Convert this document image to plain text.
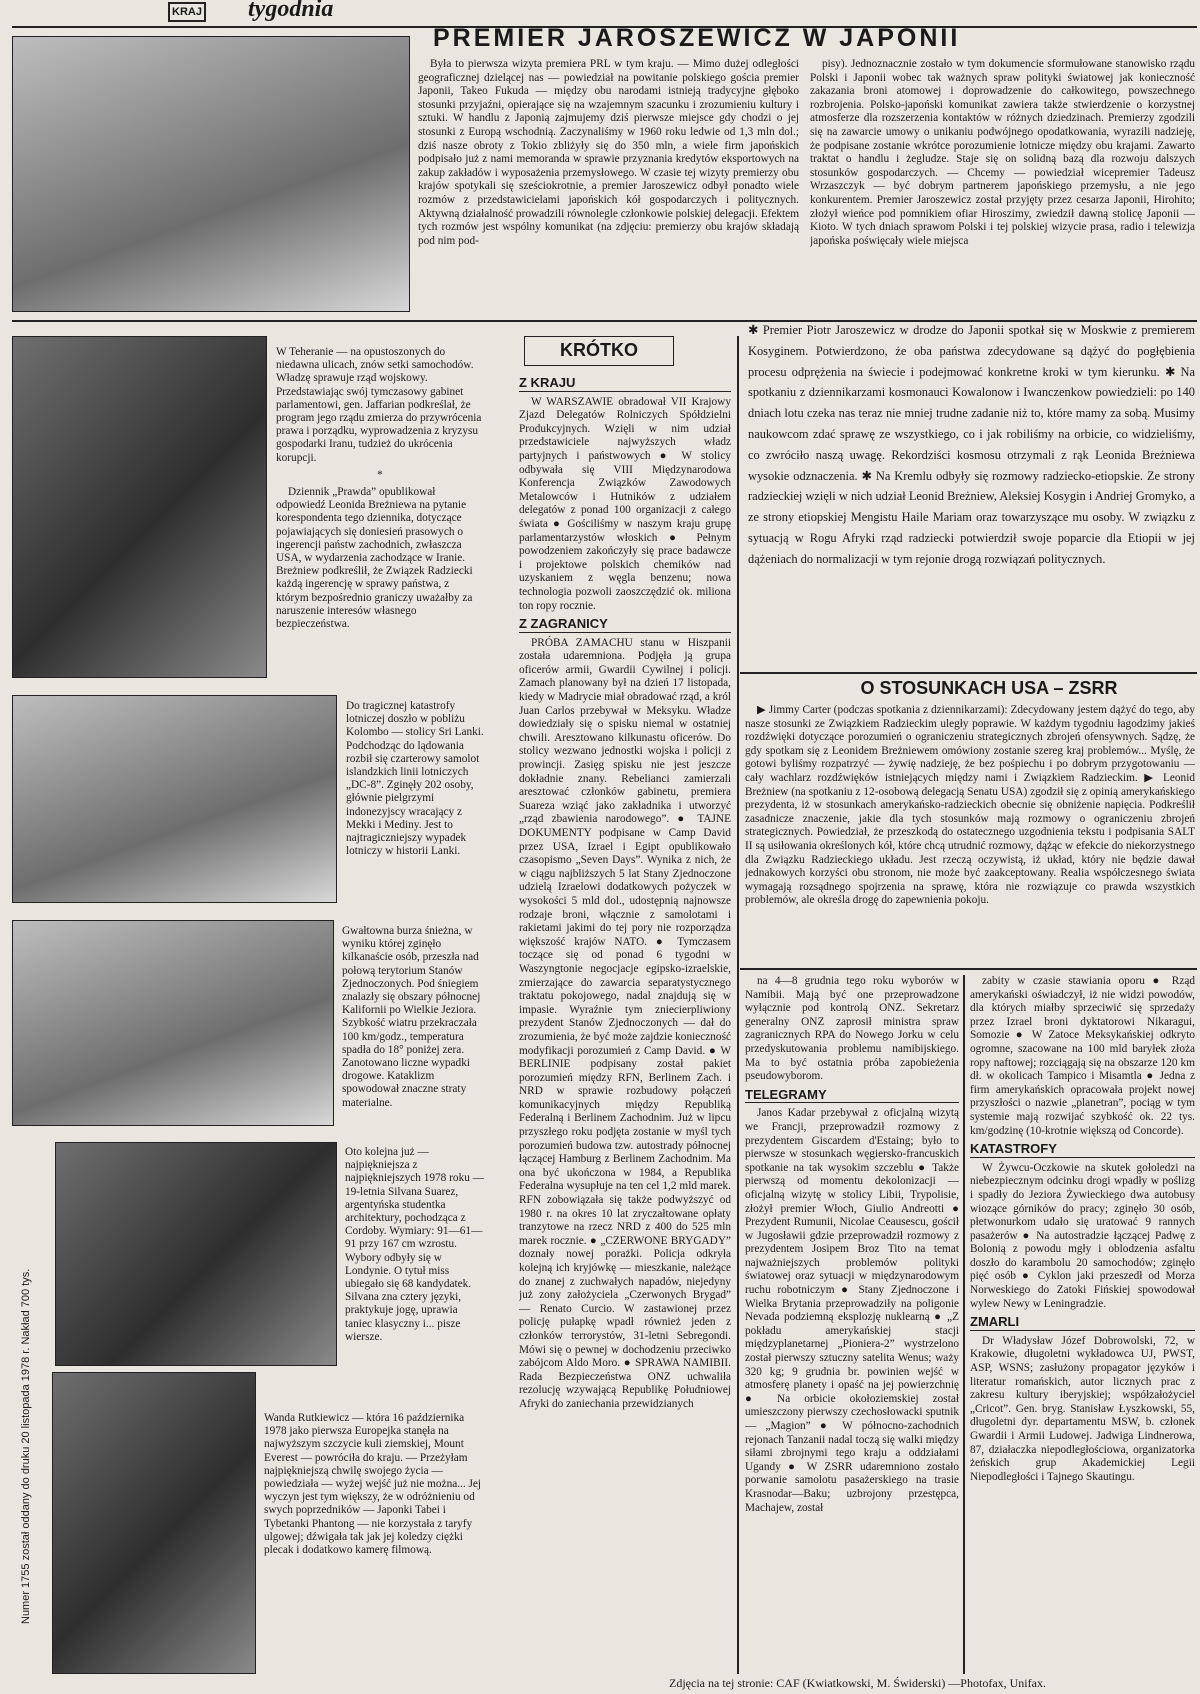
KRAJ tygodnia
PREMIER JAROSZEWICZ W JAPONII

Była to pierwsza wizyta premiera PRL w tym kraju. — Mimo dużej odległości geograficznej dzielącej nas — powiedział na powitanie polskiego gościa premier Japonii, Takeo Fukuda — między obu narodami istnieją tradycyjne głęboko stosunki przyjaźni, opierające się na wzajemnym szacunku i zrozumieniu kultury i sztuki. W handlu z Japonią zajmujemy dziś pierwsze miejsce gdy chodzi o jej stosunki z Europą wschodnią. Zaczynaliśmy w 1960 roku ledwie od 1,3 mln dol.; dziś nasze obroty z Tokio zbliżyły się do 350 mln, a wiele firm japońskich podpisało już z nami memoranda w sprawie przyznania kredytów eksportowych na zakup zakładów i wyposażenia przemysłowego. W czasie tej wizyty premierzy obu krajów spotykali się sześciokrotnie, a premier Jaroszewicz odbył ponadto wiele rozmów z przedstawicielami japońskich kół gospodarczych i politycznych. Aktywną działalność prowadzili równolegle członkowie polskiej delegacji. Efektem tych rozmów jest wspólny komunikat (na zdjęciu: premierzy obu krajów składają pod nim pod-

pisy). Jednoznacznie zostało w tym dokumencie sformułowane stanowisko rządu Polski i Japonii wobec tak ważnych spraw polityki światowej jak konieczność zakazania broni atomowej i doprowadzenie do całkowitego, powszechnego rozbrojenia. Polsko-japoński komunikat zawiera także stwierdzenie o korzystnej atmosferze dla rozszerzenia kontaktów w różnych dziedzinach. Premierzy zgodzili się na zawarcie umowy o unikaniu podwójnego opodatkowania, wyrazili nadzieję, że podpisane zostanie wkrótce porozumienie lotnicze między obu krajami. Zawarto traktat o handlu i żegludze. Staje się on solidną bazą dla rozwoju dalszych stosunków gospodarczych. — Chcemy — powiedział wicepremier Tadeusz Wrzaszczyk — być dobrym partnerem japońskiego przemysłu, a nie jego konkurentem. Premier Jaroszewicz został przyjęty przez cesarza Japonii, Hirohito; złożył wieńce pod pomnikiem ofiar Hiroszimy, zwiedził dawną stolicę Japonii — Kioto. W tych dniach sprawom Polski i tej polskiej wizycie prasa, radio i telewizja japońska poświęcały wiele miejsca

W Teheranie — na opustoszonych do niedawna ulicach, znów setki samochodów. Władzę sprawuje rząd wojskowy. Przedstawiając swój tymczasowy gabinet parlamentowi, gen. Jaffarian podkreślał, że program jego rządu zmierza do przywrócenia prawa i porządku, wyprowadzenia z kryzysu gospodarki Iranu, tudzież do ukrócenia korupcji.

*

Dziennik „Prawda” opublikował odpowiedź Leonida Breżniewa na pytanie korespondenta tego dziennika, dotyczące pojawiających się doniesień prasowych o ingerencji państw zachodnich, zwłaszcza USA, w wydarzenia zachodzące w Iranie. Breżniew podkreślił, że Związek Radziecki każdą ingerencję w sprawy państwa, z którym bezpośrednio graniczy uważałby za naruszenie interesów własnego bezpieczeństwa.

Do tragicznej katastrofy lotniczej doszło w pobliżu Kolombo — stolicy Sri Lanki. Podchodząc do lądowania rozbił się czarterowy samolot islandzkich linii lotniczych „DC-8”. Zginęły 202 osoby, głównie pielgrzymi indonezyjscy wracający z Mekki i Mediny. Jest to najtragiczniejszy wypadek lotniczy w historii Lanki.

Gwałtowna burza śnieżna, w wyniku której zginęło kilkanaście osób, przeszła nad połową terytorium Stanów Zjednoczonych. Pod śniegiem znalazły się obszary północnej Kalifornii po Wielkie Jeziora. Szybkość wiatru przekraczała 100 km/godz., temperatura spadła do 18° poniżej zera. Zanotowano liczne wypadki drogowe. Kataklizm spowodował znaczne straty materialne.

Oto kolejna już — najpiękniejsza z najpiękniejszych 1978 roku — 19-letnia Silvana Suarez, argentyńska studentka architektury, pochodząca z Cordoby. Wymiary: 91—61—91 przy 167 cm wzrostu. Wybory odbyły się w Londynie. O tytuł miss ubiegało się 68 kandydatek. Silvana zna cztery języki, praktykuje jogę, uprawia taniec klasyczny i... pisze wiersze.

Wanda Rutkiewicz — która 16 października 1978 jako pierwsza Europejka stanęła na najwyższym szczycie kuli ziemskiej, Mount Everest — powróciła do kraju. — Przeżyłam najpiękniejszą chwilę swojego życia — powiedziała — wyżej wejść już nie można... Jej wyczyn jest tym większy, że w odróżnieniu od swych poprzedników — Japonki Tabei i Tybetanki Phantong — nie korzystała z taryfy ulgowej; dźwigała tak jak jej koledzy ciężki plecak i dodatkowo kamerę filmową.

Numer 1755 został oddany do druku 20 listopada 1978 r. Nakład 700 tys.
KRÓTKO
Z KRAJU

W WARSZAWIE obradował VII Krajowy Zjazd Delegatów Rolniczych Spółdzielni Produkcyjnych. Wzięli w nim udział przedstawiciele najwyższych władz partyjnych i państwowych ● W stolicy odbywała się VIII Międzynarodowa Konferencja Związków Zawodowych Metalowców i Hutników z udziałem delegatów z ponad 100 organizacji z całego świata ● Gościliśmy w naszym kraju grupę parlamentarzystów włoskich ● Pełnym powodzeniem zakończyły się prace badawcze i projektowe polskich chemików nad uzyskaniem z węgla benzenu; nowa technologia pozwoli zaoszczędzić ok. miliona ton ropy rocznie.

Z ZAGRANICY

PRÓBA ZAMACHU stanu w Hiszpanii została udaremniona. Podjęła ją grupa oficerów armii, Gwardii Cywilnej i policji. Zamach planowany był na dzień 17 listopada, kiedy w Madrycie miał obradować rząd, a król Juan Carlos przebywał w Meksyku. Władze dowiedziały się o spisku niemal w ostatniej chwili. Aresztowano kilkunastu oficerów. Do stolicy wezwano jednostki wojska i policji z prowincji. Zasięg spisku nie jest jeszcze dokładnie znany. Rebelianci zamierzali aresztować członków gabinetu, premiera Suareza wziąć jako zakładnika i utworzyć „rząd zbawienia narodowego”. ● TAJNE DOKUMENTY podpisane w Camp David przez USA, Izrael i Egipt opublikowało czasopismo „Seven Days”. Wynika z nich, że w ciągu najbliższych 5 lat Stany Zjednoczone udzielą Izraelowi dodatkowych pożyczek w wysokości 5 mld dol., udostępnią najnowsze rodzaje broni, włącznie z samolotami i rakietami jakimi do tej pory nie rozporządza większość krajów NATO. ● Tymczasem toczące się od ponad 6 tygodni w Waszyngtonie negocjacje egipsko-izraelskie, zmierzające do zawarcia separatystycznego traktatu pokojowego, nadal znajdują się w impasie. Wyraźnie tym zniecierpliwiony prezydent Stanów Zjednoczonych — dał do zrozumienia, że być może zajdzie konieczność modyfikacji porozumień z Camp David. ● W BERLINIE podpisany został pakiet porozumień między RFN, Berlinem Zach. i NRD w sprawie rozbudowy połączeń komunikacyjnych między Republiką Federalną i Berlinem Zachodnim. Już w lipcu przyszłego roku podjęta zostanie w myśl tych porozumień budowa tzw. autostrady północnej łączącej Hamburg z Berlinem Zachodnim. Ma ona być ukończona w 1984, a Republika Federalna wysupłuje na ten cel 1,2 mld marek. RFN zobowiązała się także podwyższyć od 1980 r. na okres 10 lat zryczałtowane opłaty tranzytowe na rzecz NRD z 400 do 525 mln marek rocznie. ● „CZERWONE BRYGADY” doznały nowej porażki. Policja odkryła kolejną ich kryjówkę — mieszkanie, należące do znanej z zuchwałych napadów, niejedyny już zony założyciela „Czerwonych Brygad” — Renato Curcio. W zastawionej przez policję pułapkę wpadł również jeden z członków terrorystów, 31-letni Sebregondi. Mówi się o pewnej w dochodzeniu przeciwko zabójcom Aldo Moro. ● SPRAWA NAMIBII. Rada Bezpieczeństwa ONZ uchwaliła rezolucję wzywającą Republikę Południowej Afryki do zaniechania przewidzianych

✱ Premier Piotr Jaroszewicz w drodze do Japonii spotkał się w Moskwie z premierem Kosyginem. Potwierdzono, że oba państwa zdecydowane są dążyć do pogłębienia procesu odprężenia na świecie i podejmować konkretne kroki w tym kierunku. ✱ Na spotkaniu z dziennikarzami kosmonauci Kowalonow i Iwanczenkow powiedzieli: po 140 dniach lotu czeka nas teraz nie mniej trudne zadanie niż to, które mamy za sobą. Musimy naukowcom zdać sprawę ze wszystkiego, co i jak robiliśmy na orbicie, co widzieliśmy, co zwróciło naszą uwagę. Rekordziści kosmosu otrzymali z rąk Leonida Breżniewa wysokie odznaczenia. ✱ Na Kremlu odbyły się rozmowy radziecko-etiopskie. Ze strony radzieckiej wzięli w nich udział Leonid Breżniew, Aleksiej Kosygin i Andriej Gromyko, a ze strony etiopskiej Mengistu Haile Mariam oraz towarzyszące mu osoby. W związku z sytuacją w Rogu Afryki rząd radziecki potwierdził swoje poparcie dla Etiopii w jej dążeniach do normalizacji w tym rejonie drogą rozwiązań politycznych.

O STOSUNKACH USA – ZSRR

▶ Jimmy Carter (podczas spotkania z dziennikarzami): Zdecydowany jestem dążyć do tego, aby nasze stosunki ze Związkiem Radzieckim uległy poprawie. W każdym tygodniu łagodzimy jakieś rozdźwięki dotyczące porozumień o ograniczeniu strategicznych zbrojeń ofensywnych. Sądzę, że gdy spotkam się z Leonidem Breżniewem omówiony zostanie szereg kraj problemów... Myślę, że gotowi byliśmy rozpatrzyć — żywię nadzieję, że bez pośpiechu i po dobrym przygotowaniu — cały wachlarz rozdźwięków istniejących między nami i Związkiem Radzieckim. ▶ Leonid Breżniew (na spotkaniu z 12-osobową delegacją Senatu USA) zgodził się z opinią amerykańskiego prezydenta, iż w stosunkach amerykańsko-radzieckich obecnie się obniżenie napięcia. Podkreślił zasadnicze znaczenie, jakie dla tych stosunków mają rozmowy o ograniczeniu zbrojeń strategicznych. Powiedział, że przeszkodą do ostatecznego uzgodnienia tekstu i podpisania SALT II są usiłowania określonych kół, które chcą utrudnić rozmowy, dążąc w efekcie do niekorzystnego dla Związku Radzieckiego układu. Jest rzeczą oczywistą, iż układ, który nie będzie dawał jednakowych korzyści obu stronom, nie może być zaakceptowany. Realia współczesnego świata wymagają rozsądnego spojrzenia na sprawę, która nie rozwiązuje co prawda wszystkich problemów, ale określa drogę do zapewnienia pokoju.

na 4—8 grudnia tego roku wyborów w Namibii. Mają być one przeprowadzone wyłącznie pod kontrolą ONZ. Sekretarz generalny ONZ zaprosił ministra spraw zagranicznych RPA do Nowego Jorku w celu przedyskutowania problemu namibijskiego. Ma to być ostatnia próba zapobieżenia pseudowyborom.

TELEGRAMY

Janos Kadar przebywał z oficjalną wizytą we Francji, przeprowadził rozmowy z prezydentem Giscardem d'Estaing; było to pierwsze w stosunkach węgiersko-francuskich spotkanie na tak wysokim szczeblu ● Także pierwszą od momentu dekolonizacji — oficjalną wizytę w stolicy Libii, Trypolisie, złożył premier Włoch, Giulio Andreotti ● Prezydent Rumunii, Nicolae Ceausescu, gościł w Jugosławii gdzie przeprowadził rozmowy z prezydentem Josipem Broz Tito na temat najważniejszych problemów polityki światowej oraz sytuacji w międzynarodowym ruchu robotniczym ● Stany Zjednoczone i Wielka Brytania przeprowadziły na poligonie Nevada podziemną eksplozję nuklearną ● „Z pokładu amerykańskiej stacji międzyplanetarnej „Pioniera-2” wystrzelono został pierwszy sztuczny satelita Wenus; waży 320 kg; 9 grudnia br. powinien wejść w atmosferę planety i opaść na jej powierzchnię ● Na orbicie okołoziemskiej został umieszczony pierwszy czechosłowacki sputnik — „Magion” ● W północno-zachodnich rejonach Tanzanii nadal toczą się walki między siłami zbrojnymi tego kraju a oddziałami Ugandy ● W ZSRR udaremniono zostało porwanie samolotu pasażerskiego na trasie Krasnodar—Baku; uzbrojony przestępca, Machajew, został

zabity w czasie stawiania oporu ● Rząd amerykański oświadczył, iż nie widzi powodów, dla których miałby sprzeciwić się sprzedaży przez Izrael broni dyktatorowi Nikaragui, Somozie ● W Zatoce Meksykańskiej odkryto ogromne, szacowane na 100 mld baryłek złoża ropy naftowej; rozciągają się na obszarze 120 km dł. w okolicach Tampico i Misamtla ● Jedna z firm amerykańskich opracowała projekt nowej przyszłości o nazwie „planetran”, pociąg w tym systemie mają rozwijać szybkość ok. 22 tys. km/godzinę (10-krotnie większą od Concorde).

KATASTROFY

W Żywcu-Oczkowie na skutek gołoledzi na niebezpiecznym odcinku drogi wpadły w poślizg i spadły do Jeziora Żywieckiego dwa autobusy wiozące górników do pracy; zginęło 30 osób, płetwonurkom udało się uratować 9 rannych pasażerów ● Na autostradzie łączącej Padwę z Bolonią z powodu mgły i oblodzenia asfaltu doszło do karambolu 20 samochodów; zginęło pięć osób ● Cyklon jaki przeszedł od Morza Norweskiego do Zatoki Fińskiej spowodował wylew Newy w Leningradzie.

ZMARLI

Dr Władysław Józef Dobrowolski, 72, w Krakowie, długoletni wykładowca UJ, PWST, ASP, WSNS; zasłużony propagator języków i literatur romańskich, autor licznych prac z zakresu kultury iberyjskiej; współzałożyciel „Cricot”. Gen. bryg. Stanisław Łyszkowski, 55, długoletni dyr. departamentu MSW, b. członek Gwardii i Armii Ludowej. Jadwiga Lindnerowa, 87, działaczka niepodległościowa, organizatorka żeńskich grup Akademickiej Legii Niepodległości i Tajnego Skautingu.

Zdjęcia na tej stronie: CAF (Kwiatkowski, M. Świderski) —Photofax, Unifax.
